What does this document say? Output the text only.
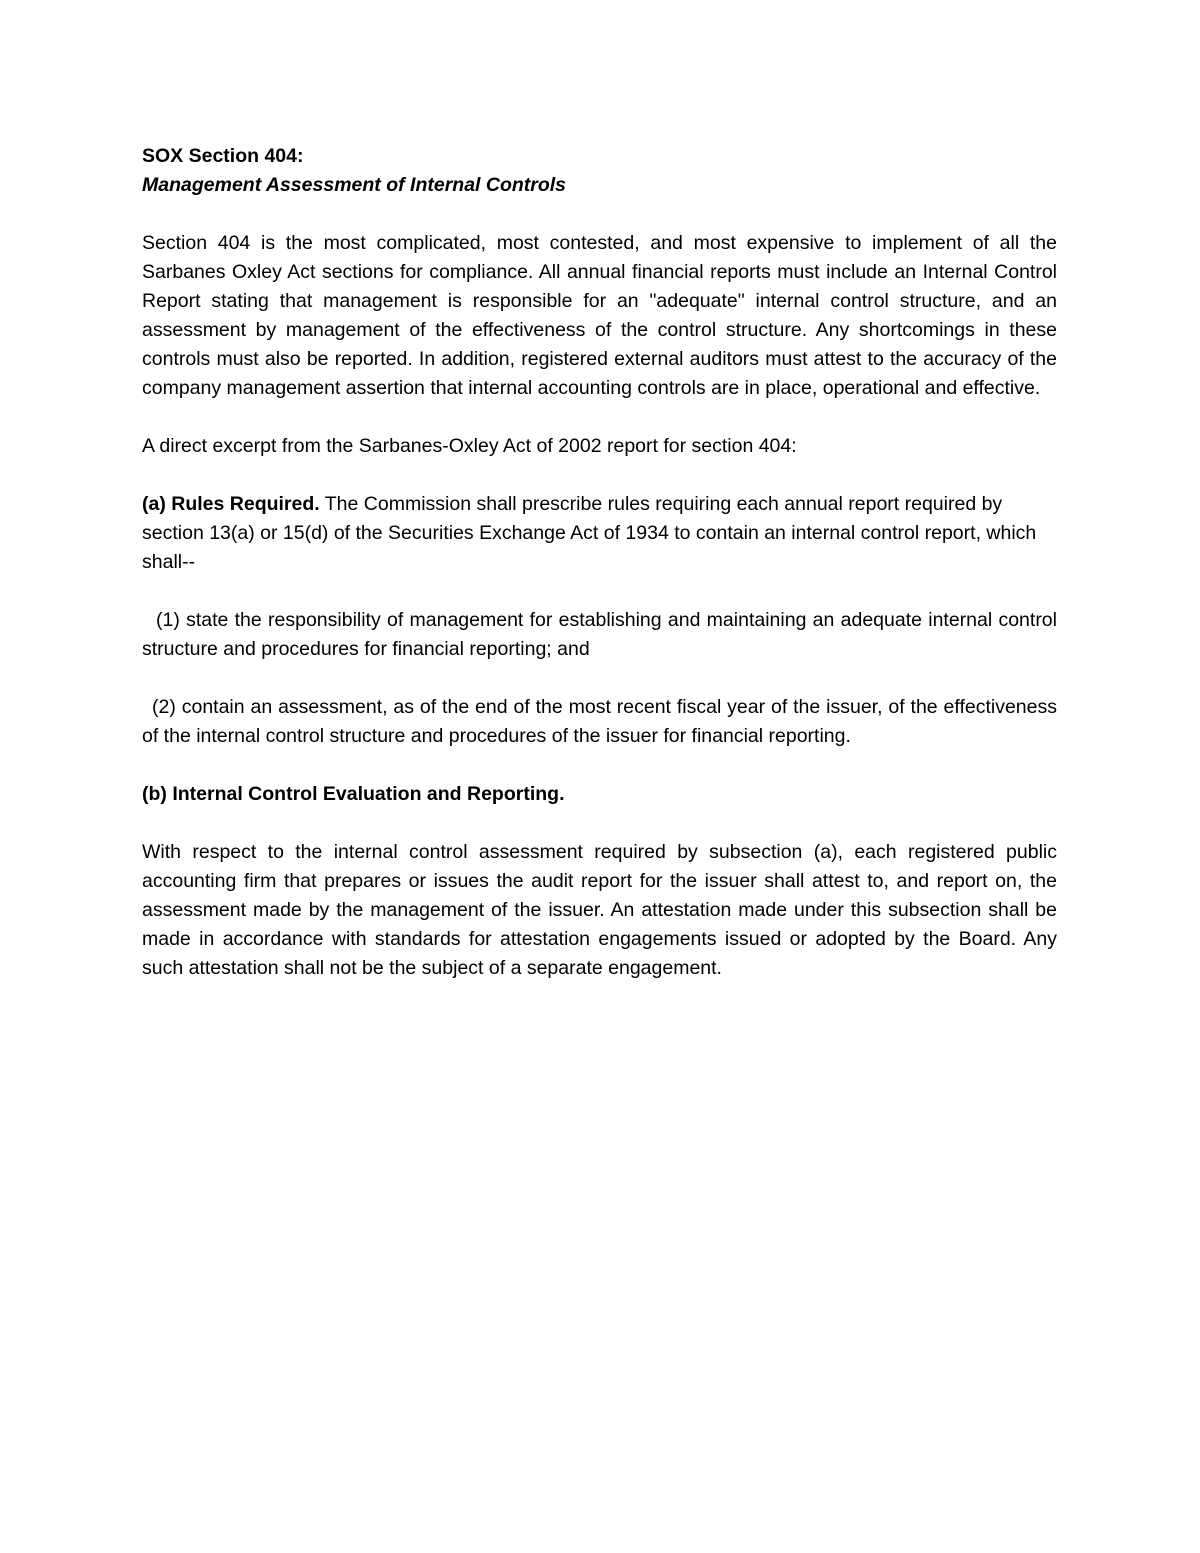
SOX Section 404:

Management Assessment of Internal Controls

Section 404 is the most complicated, most contested, and most expensive to implement of all the Sarbanes Oxley Act sections for compliance. All annual financial reports must include an Internal Control Report stating that management is responsible for an "adequate" internal control structure, and an assessment by management of the effectiveness of the control structure. Any shortcomings in these controls must also be reported. In addition, registered external auditors must attest to the accuracy of the company management assertion that internal accounting controls are in place, operational and effective.

A direct excerpt from the Sarbanes-Oxley Act of 2002 report for section 404:

(a) Rules Required. The Commission shall prescribe rules requiring each annual report required by section 13(a) or 15(d) of the Securities Exchange Act of 1934 to contain an internal control report, which shall--

(1) state the responsibility of management for establishing and maintaining an adequate internal control structure and procedures for financial reporting; and

(2) contain an assessment, as of the end of the most recent fiscal year of the issuer, of the effectiveness of the internal control structure and procedures of the issuer for financial reporting.

(b) Internal Control Evaluation and Reporting.

With respect to the internal control assessment required by subsection (a), each registered public accounting firm that prepares or issues the audit report for the issuer shall attest to, and report on, the assessment made by the management of the issuer. An attestation made under this subsection shall be made in accordance with standards for attestation engagements issued or adopted by the Board. Any such attestation shall not be the subject of a separate engagement.
